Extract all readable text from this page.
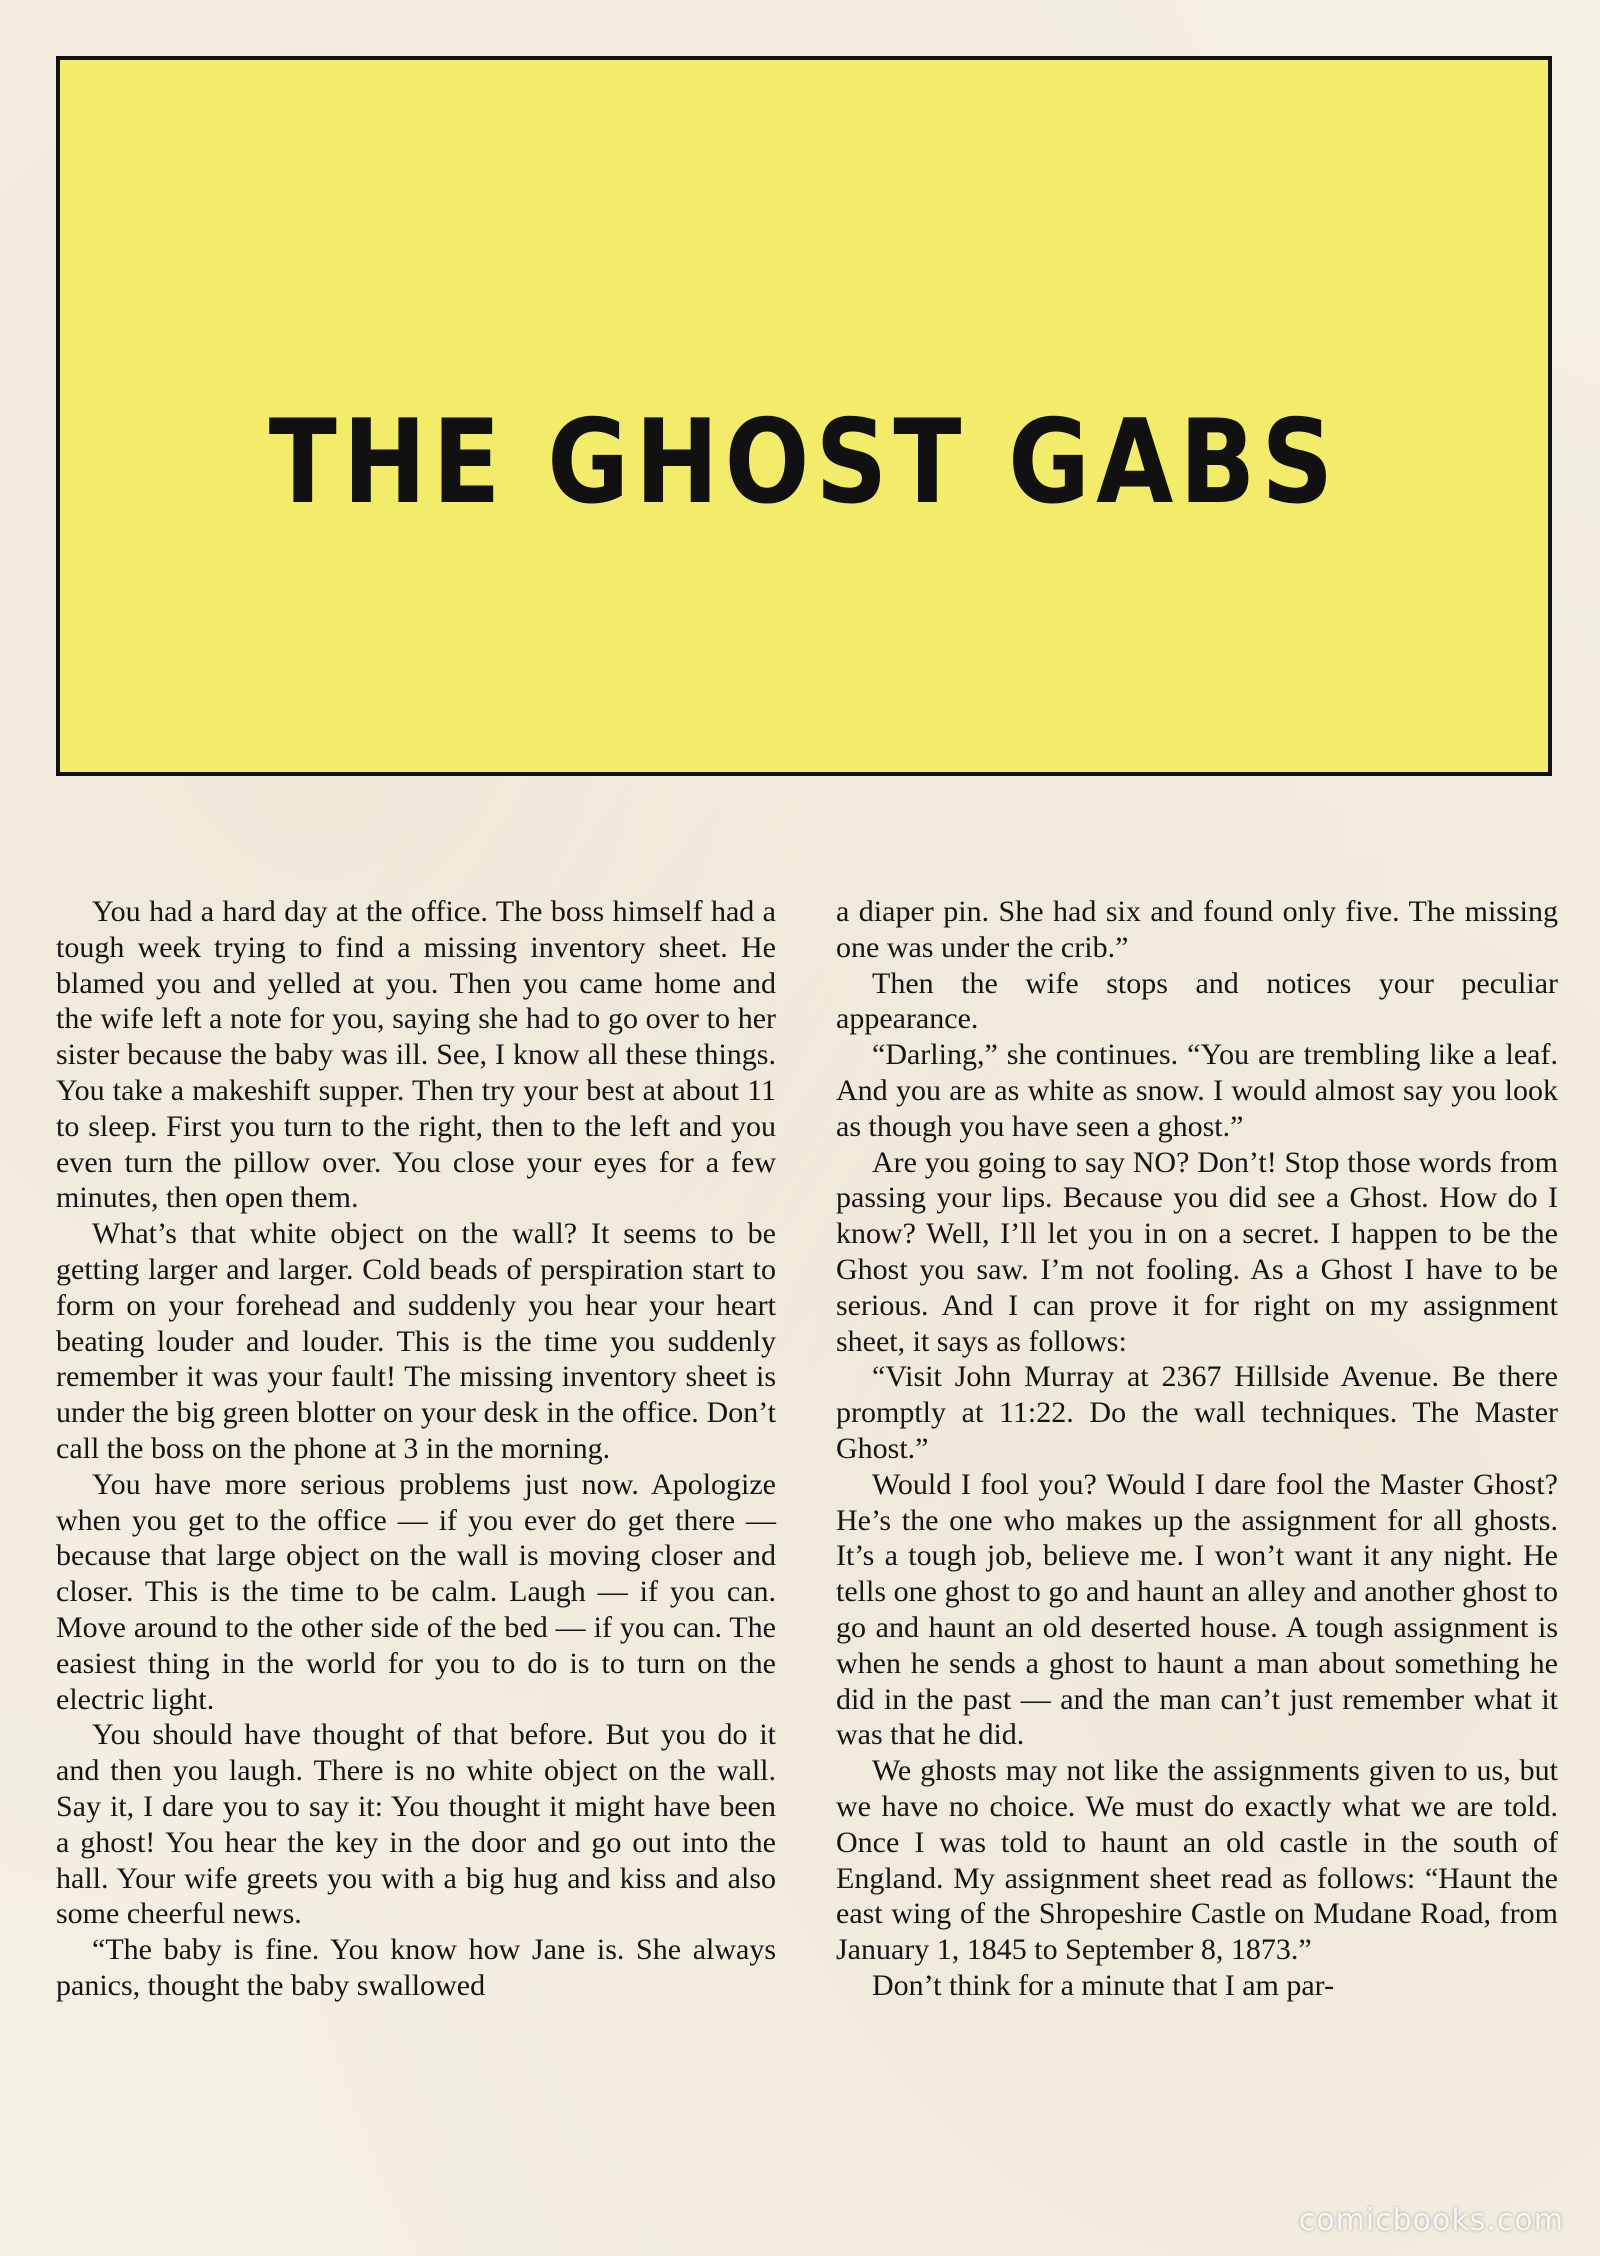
THE GHOST GABS

You had a hard day at the office. The boss himself had a tough week trying to find a missing inventory sheet. He blamed you and yelled at you. Then you came home and the wife left a note for you, saying she had to go over to her sister because the baby was ill. See, I know all these things. You take a makeshift supper. Then try your best at about 11 to sleep. First you turn to the right, then to the left and you even turn the pillow over. You close your eyes for a few minutes, then open them.

What’s that white object on the wall? It seems to be getting larger and larger. Cold beads of perspiration start to form on your forehead and suddenly you hear your heart beating louder and louder. This is the time you suddenly remember it was your fault! The missing inventory sheet is under the big green blotter on your desk in the office. Don’t call the boss on the phone at 3 in the morning.

You have more serious problems just now. Apologize when you get to the office — if you ever do get there — because that large object on the wall is moving closer and closer. This is the time to be calm. Laugh — if you can. Move around to the other side of the bed — if you can. The easiest thing in the world for you to do is to turn on the electric light.

You should have thought of that before. But you do it and then you laugh. There is no white object on the wall. Say it, I dare you to say it: You thought it might have been a ghost! You hear the key in the door and go out into the hall. Your wife greets you with a big hug and kiss and also some cheerful news.

“The baby is fine. You know how Jane is. She always panics, thought the baby swallowed

a diaper pin. She had six and found only five. The missing one was under the crib.”

Then the wife stops and notices your peculiar appearance.

“Darling,” she continues. “You are trembling like a leaf. And you are as white as snow. I would almost say you look as though you have seen a ghost.”

Are you going to say NO? Don’t! Stop those words from passing your lips. Because you did see a Ghost. How do I know? Well, I’ll let you in on a secret. I happen to be the Ghost you saw. I’m not fooling. As a Ghost I have to be serious. And I can prove it for right on my assignment sheet, it says as follows:

“Visit John Murray at 2367 Hillside Avenue. Be there promptly at 11:22. Do the wall techniques. The Master Ghost.”

Would I fool you? Would I dare fool the Master Ghost? He’s the one who makes up the assignment for all ghosts. It’s a tough job, believe me. I won’t want it any night. He tells one ghost to go and haunt an alley and another ghost to go and haunt an old deserted house. A tough assignment is when he sends a ghost to haunt a man about something he did in the past — and the man can’t just remember what it was that he did.

We ghosts may not like the assignments given to us, but we have no choice. We must do exactly what we are told. Once I was told to haunt an old castle in the south of England. My assignment sheet read as follows: “Haunt the east wing of the Shropeshire Castle on Mudane Road, from January 1, 1845 to September 8, 1873.”

Don’t think for a minute that I am par-

comicbooks.com
